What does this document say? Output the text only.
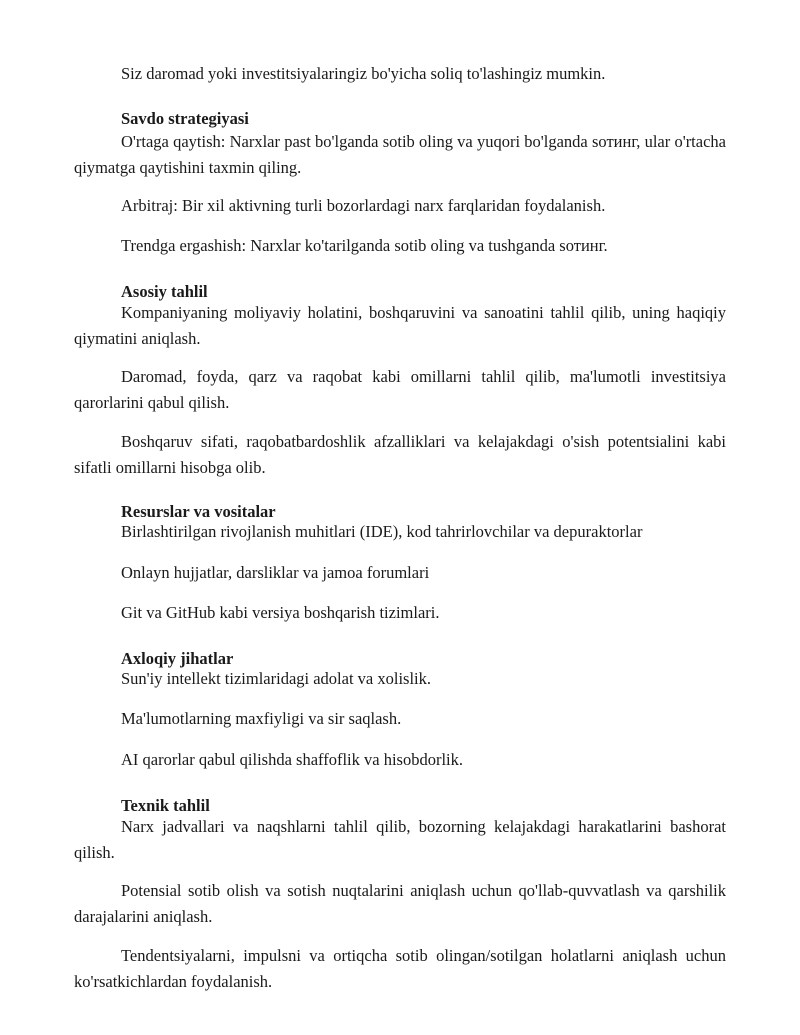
Siz daromad yoki investitsiyalaringiz bo'yicha soliq to'lashingiz mumkin.

Savdo strategiyasi

O'rtaga qaytish: Narxlar past bo'lganda sotib oling va yuqori bo'lganda sотинг, ular o'rtacha qiymatga qaytishini taxmin qiling.

Arbitraj: Bir xil aktivning turli bozorlardagi narx farqlaridan foydalanish.

Trendga ergashish: Narxlar ko'tarilganda sotib oling va tushganda sотинг.

Asosiy tahlil

Kompaniyaning moliyaviy holatini, boshqaruvini va sanoatini tahlil qilib, uning haqiqiy qiymatini aniqlash.

Daromad, foyda, qarz va raqobat kabi omillarni tahlil qilib, ma'lumotli investitsiya qarorlarini qabul qilish.

Boshqaruv sifati, raqobatbardoshlik afzalliklari va kelajakdagi o'sish potentsialini kabi sifatli omillarni hisobga olib.

Resurslar va vositalar

Birlashtirilgan rivojlanish muhitlari (IDE), kod tahrirlovchilar va depuraktorlar

Onlayn hujjatlar, darsliklar va jamoa forumlari

Git va GitHub kabi versiya boshqarish tizimlari.

Axloqiy jihatlar

Sun'iy intellekt tizimlaridagi adolat va xolislik.

Ma'lumotlarning maxfiyligi va sir saqlash.

AI qarorlar qabul qilishda shaffoflik va hisobdorlik.

Texnik tahlil

Narx jadvallari va naqshlarni tahlil qilib, bozorning kelajakdagi harakatlarini bashorat qilish.

Potensial sotib olish va sotish nuqtalarini aniqlash uchun qo'llab-quvvatlash va qarshilik darajalarini aniqlash.

Tendentsiyalarni, impulsni va ortiqcha sotib olingan/sotilgan holatlarni aniqlash uchun ko'rsatkichlardan foydalanish.
